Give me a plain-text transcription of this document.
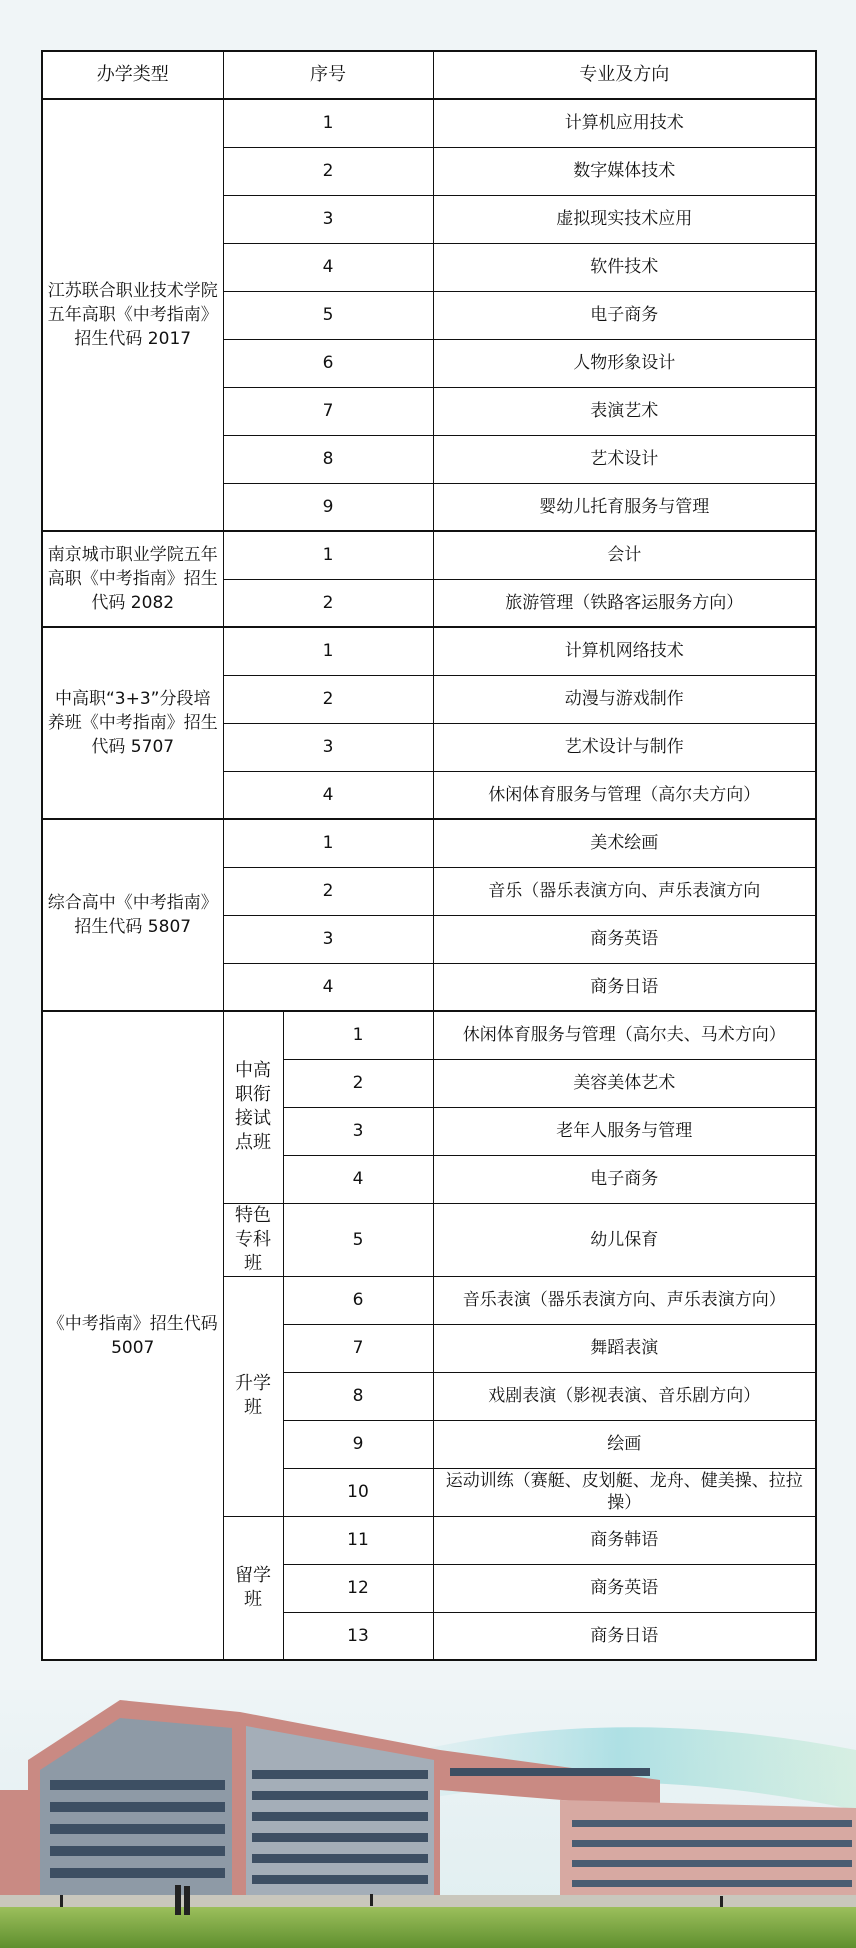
办学类型	序号		专业及方向
江苏联合职业技术学院五年高职《中考指南》招生代码 2017	1		计算机应用技术
	2		数字媒体技术
	3		虚拟现实技术应用
	4		软件技术
	5		电子商务
	6		人物形象设计
	7		表演艺术
	8		艺术设计
	9		婴幼儿托育服务与管理
南京城市职业学院五年高职《中考指南》招生代码 2082	1		会计
	2		旅游管理（铁路客运服务方向）
中高职“3+3”分段培养班《中考指南》招生代码 5707	1		计算机网络技术
	2		动漫与游戏制作
	3		艺术设计与制作
	4		休闲体育服务与管理（高尔夫方向）
综合高中《中考指南》招生代码 5807	1		美术绘画
	2		音乐（器乐表演方向、声乐表演方向
	3		商务英语
	4		商务日语
《中考指南》招生代码 5007	中高职衔接试点班	1	休闲体育服务与管理（高尔夫、马术方向）
		2	美容美体艺术
		3	老年人服务与管理
		4	电子商务
	特色专科班	5	幼儿保育
	升学班	6	音乐表演（器乐表演方向、声乐表演方向）
		7	舞蹈表演
		8	戏剧表演（影视表演、音乐剧方向）
		9	绘画
		10	运动训练（赛艇、皮划艇、龙舟、健美操、拉拉操）
	留学班	11	商务韩语
		12	商务英语
		13	商务日语
